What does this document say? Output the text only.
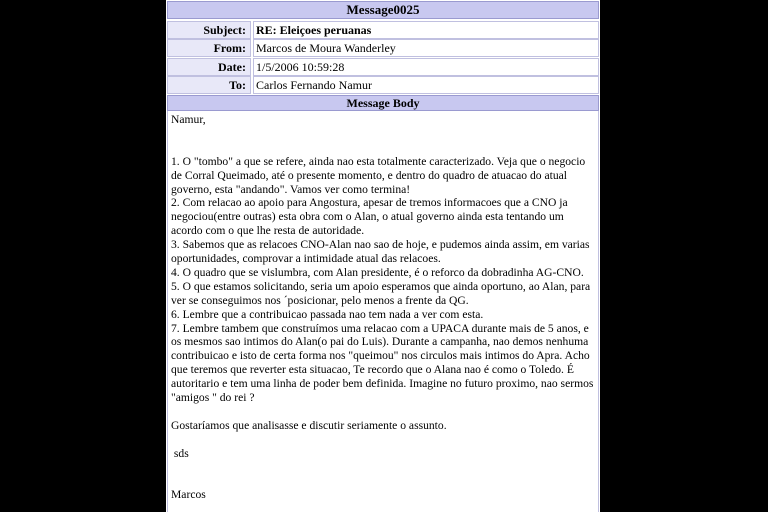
Message0025
Subject: RE: Eleiçoes peruanas
From: Marcos de Moura Wanderley
Date: 1/5/2006 10:59:28
To: Carlos Fernando Namur
Message Body

Namur,

1. O "tombo" a que se refere, ainda nao esta totalmente caracterizado. Veja que o negocio de Corral Queimado, até o presente momento, e dentro do quadro de atuacao do atual governo, esta "andando". Vamos ver como termina!

2. Com relacao ao apoio para Angostura, apesar de tremos informacoes que a CNO ja negociou(entre outras) esta obra com o Alan, o atual governo ainda esta tentando um acordo com o que lhe resta de autoridade.

3. Sabemos que as relacoes CNO-Alan nao sao de hoje, e pudemos ainda assim, em varias oportunidades, comprovar a intimidade atual das relacoes.

4. O quadro que se vislumbra, com Alan presidente, é o reforco da dobradinha AG-CNO.

5. O que estamos solicitando, seria um apoio esperamos que ainda oportuno, ao Alan, para ver se conseguimos nos ´posicionar, pelo menos a frente da QG.

6. Lembre que a contribuicao passada nao tem nada a ver com esta.

7. Lembre tambem que construímos uma relacao com a UPACA durante mais de 5 anos, e os mesmos sao intimos do Alan(o pai do Luis). Durante a campanha, nao demos nenhuma contribuicao e isto de certa forma nos "queimou" nos circulos mais intimos do Apra. Acho que teremos que reverter esta situacao, Te recordo que o Alana nao é como o Toledo. É autoritario e tem uma linha de poder bem definida. Imagine no futuro proximo, nao sermos "amigos " do rei ?

Gostaríamos que analisasse e discutir seriamente o assunto.

sds

Marcos
